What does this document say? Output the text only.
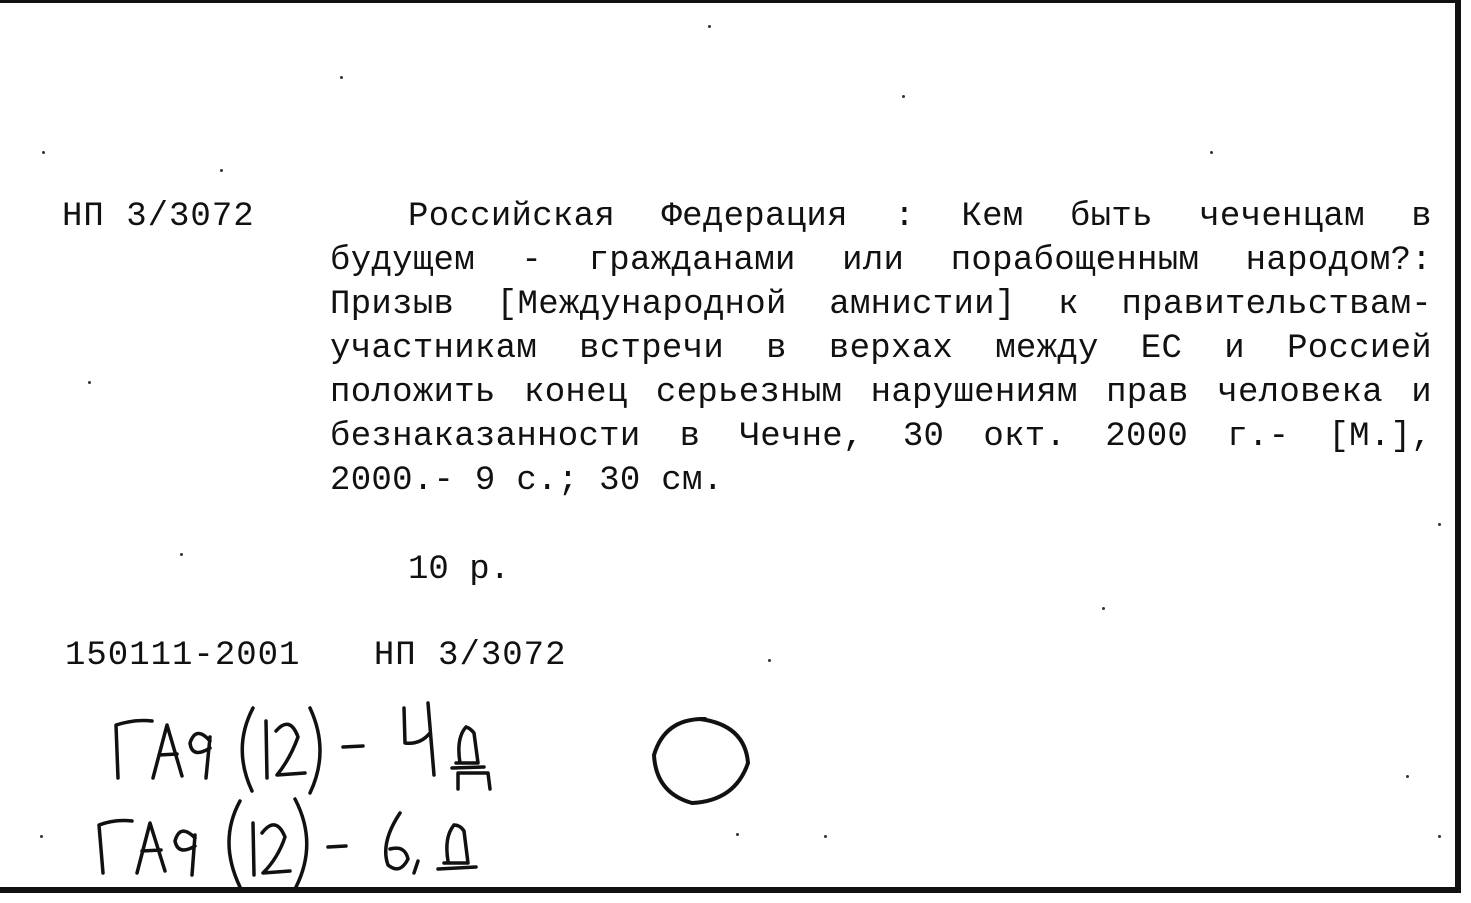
НП 3/3072	Российская Федерация : Кем быть чеченцам в будущем - гражданами или порабощенным народом?: Призыв [Международной амнистии] к правительствам- участникам встречи в верхах между ЕС и Россией положить конец серьезным нарушениям прав человека и безнаказанности в Чечне, 30 окт. 2000 г.- [М.], 2000.- 9 с.; 30 см.

10 р.
150111-2001 НП 3/3072
